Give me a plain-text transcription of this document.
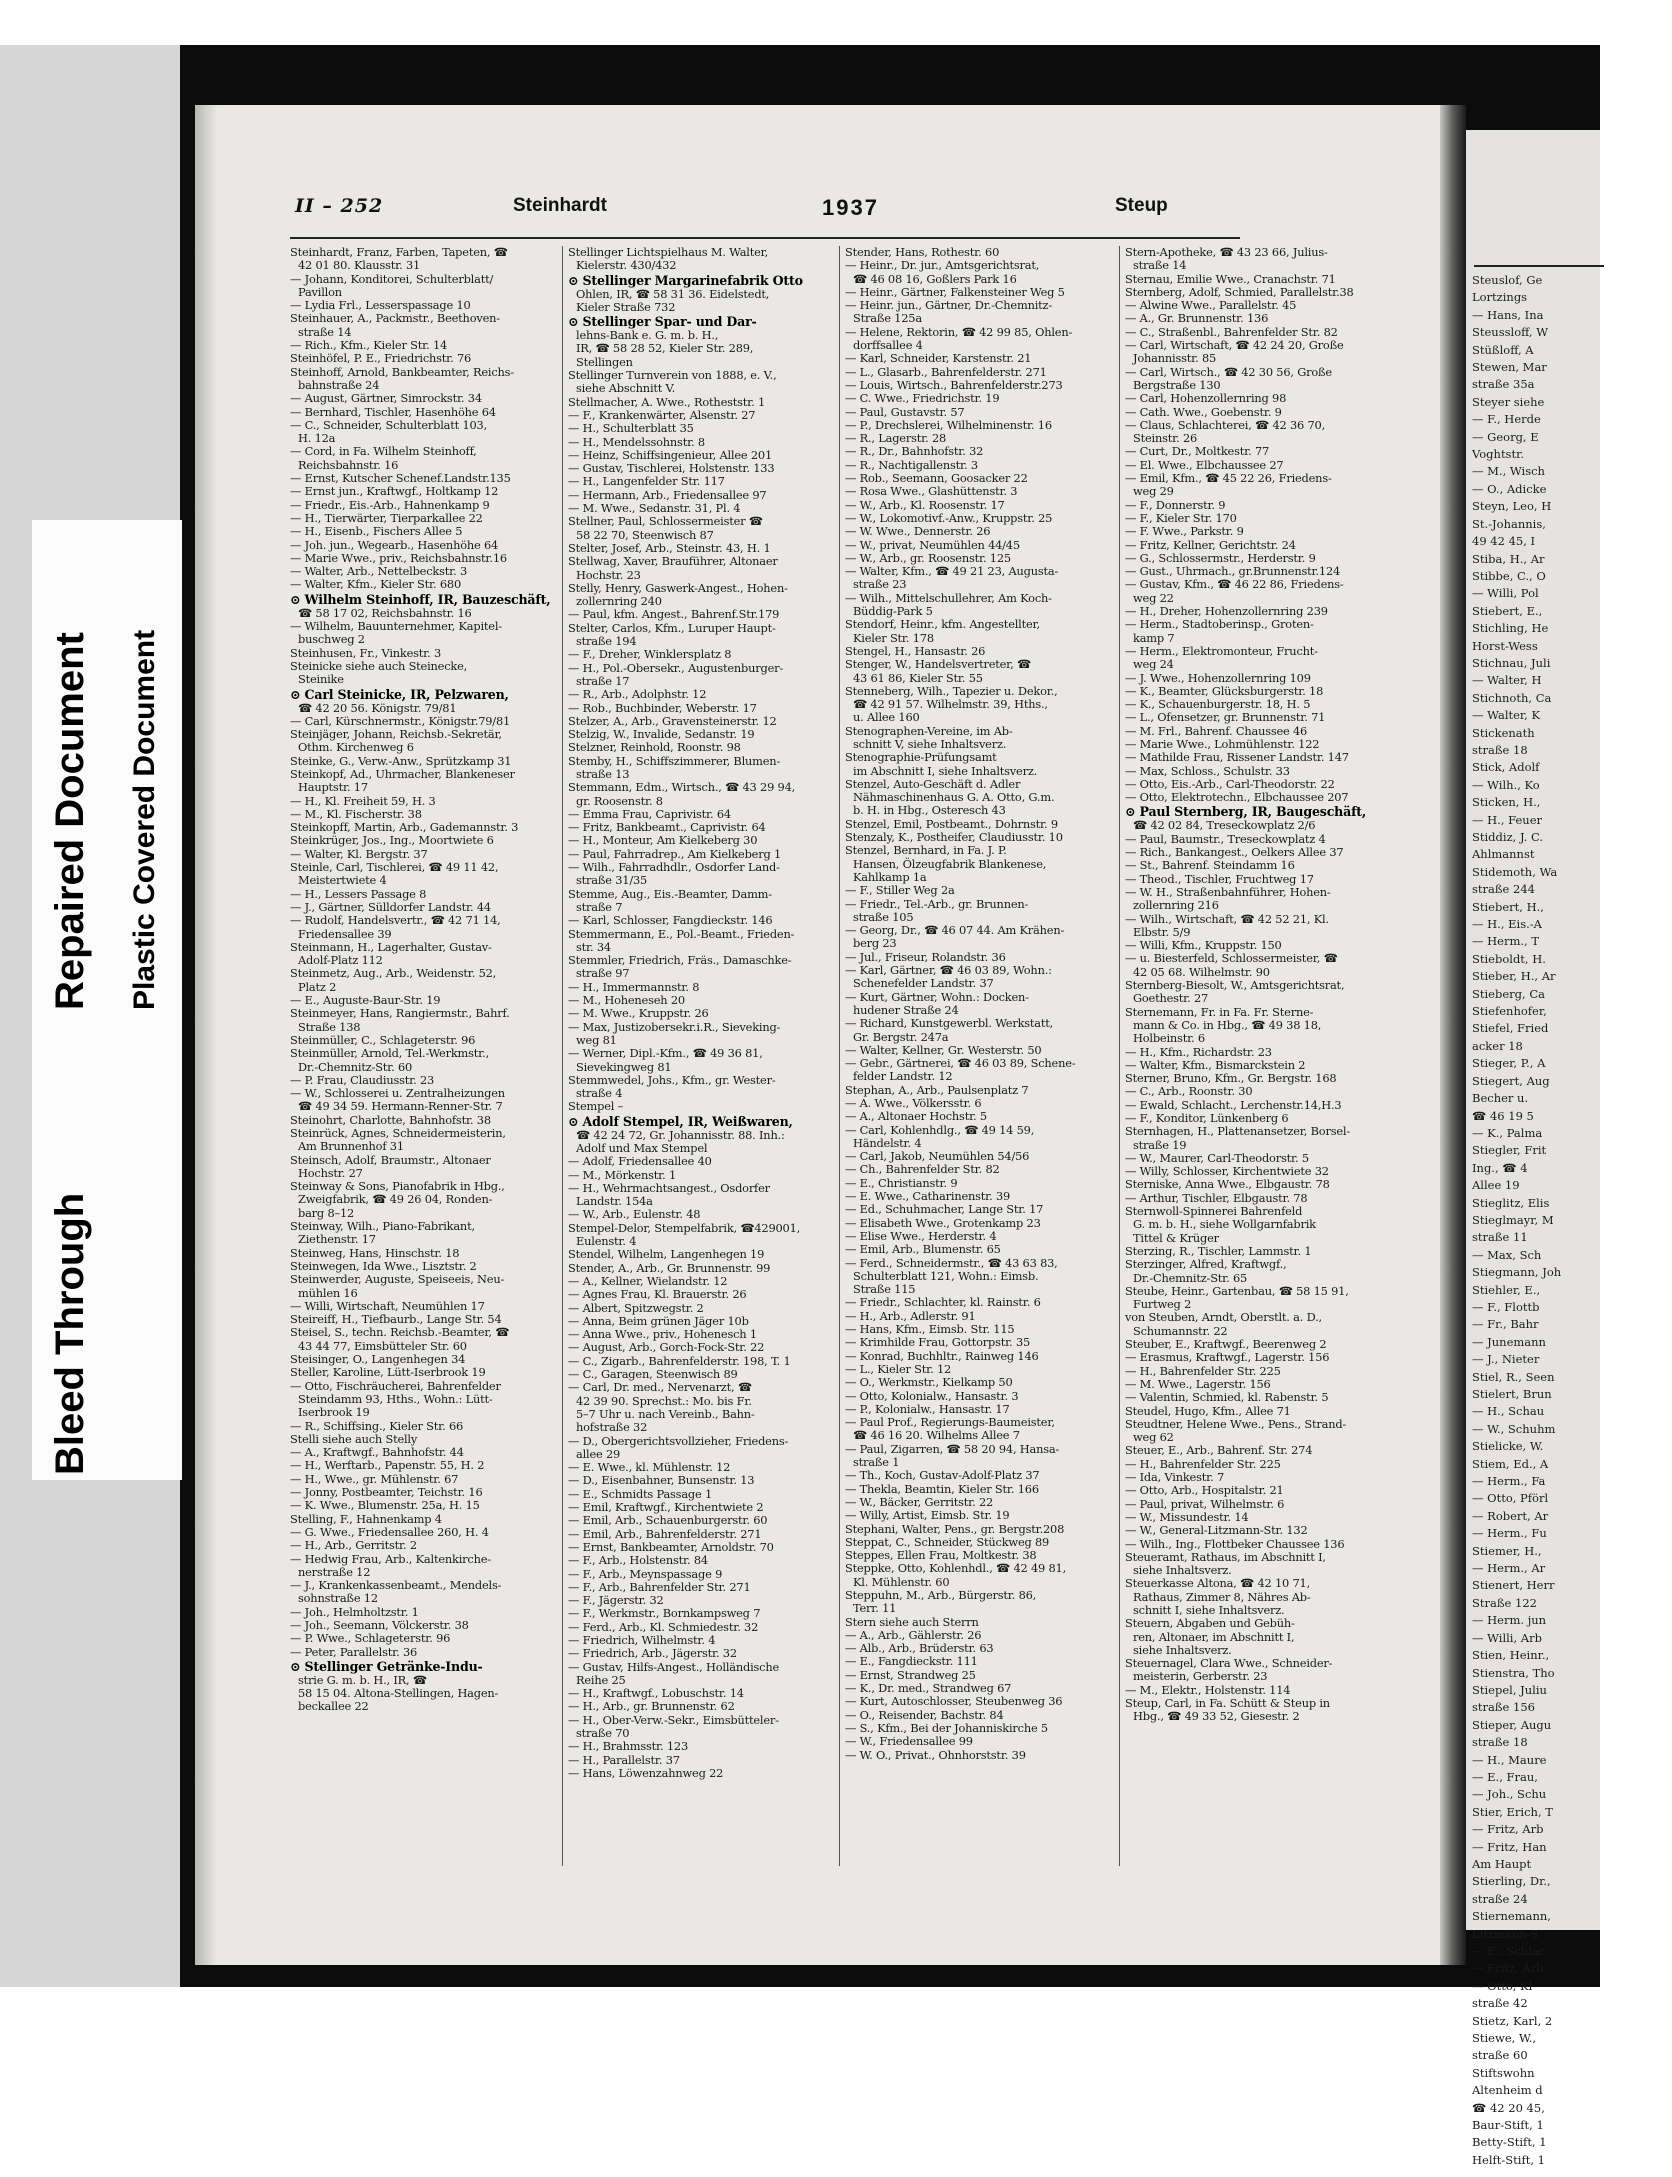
Bleed Through
Repaired Document Plastic Covered Document
Steuslof, Ge
Lortzings
— Hans, Ina
Steussloff, W
Stüßloff, A
Stewen, Mar
straße 35a
Steyer siehe
— F., Herde
— Georg, E
Voghtstr.
— M., Wisch
— O., Adicke
Steyn, Leo, H
St.-Johannis,
49 42 45, I
Stiba, H., Ar
Stibbe, C., O
— Willi, Pol
Stiebert, E.,
Stichling, He
Horst-Wess
Stichnau, Juli
— Walter, H
Stichnoth, Ca
— Walter, K
Stickenath
straße 18
Stick, Adolf
— Wilh., Ko
Sticken, H.,
— H., Feuer
Stiddiz, J. C.
Ahlmannst
Stidemoth, Wa
straße 244
Stiebert, H.,
— H., Eis.-A
— Herm., T
Stieboldt, H.
Stieber, H., Ar
Stieberg, Ca
Stiefenhofer,
Stiefel, Fried
acker 18
Stieger, P., A
Stiegert, Aug
Becher u.
☎ 46 19 5
— K., Palma
Stiegler, Frit
Ing., ☎ 4
Allee 19
Stieglitz, Elis
Stieglmayr, M
straße 11
— Max, Sch
Stiegmann, Joh
Stiehler, E.,
— F., Flottb
— Fr., Bahr
— Junemann
— J., Nieter
Stiel, R., Seen
Stielert, Brun
— H., Schau
— W., Schuhm
Stielicke, W.
Stiem, Ed., A
— Herm., Fa
— Otto, Pförl
— Robert, Ar
— Herm., Fu
Stiemer, H.,
— Herm., Ar
Stienert, Herr
Straße 122
— Herm. jun
— Willi, Arb
Stien, Heinr.,
Stienstra, Tho
Stiepel, Juliu
straße 156
Stieper, Augu
straße 18
— H., Maure
— E., Frau,
— Joh., Schu
Stier, Erich, T
— Fritz, Arb
— Fritz, Han
Am Haupt
Stierling, Dr.,
straße 24
Stiernemann,
Litzmann-S
— E., Schlac
— Fritz, Arb
— Otto, Kl
straße 42
Stietz, Karl, 2
Stiewe, W.,
straße 60
Stiftswohn
Altenheim d
☎ 42 20 45,
Baur-Stift, 1
Betty-Stift, 1
Helft-Stift, 1
II – 252	Steinhardt	1937	Steup
Steinhardt, Franz, Farben, Tapeten, ☎
42 01 80. Klausstr. 31
— Johann, Konditorei, Schulterblatt/
Pavillon
— Lydia Frl., Lesserspassage 10
Steinhauer, A., Packmstr., Beethoven-
straße 14
— Rich., Kfm., Kieler Str. 14
Steinhöfel, P. E., Friedrichstr. 76
Steinhoff, Arnold, Bankbeamter, Reichs-
bahnstraße 24
— August, Gärtner, Simrockstr. 34
— Bernhard, Tischler, Hasenhöhe 64
— C., Schneider, Schulterblatt 103,
H. 12a
— Cord, in Fa. Wilhelm Steinhoff,
Reichsbahnstr. 16
— Ernst, Kutscher Schenef.Landstr.135
— Ernst jun., Kraftwgf., Holtkamp 12
— Friedr., Eis.-Arb., Hahnenkamp 9
— H., Tierwärter, Tierparkallee 22
— H., Eisenb., Fischers Allee 5
— Joh. jun., Wegearb., Hasenhöhe 64
— Marie Wwe., priv., Reichsbahnstr.16
— Walter, Arb., Nettelbeckstr. 3
— Walter, Kfm., Kieler Str. 680
⊙ Wilhelm Steinhoff, IR, Bauzeschäft,
☎ 58 17 02, Reichsbahnstr. 16
— Wilhelm, Bauunternehmer, Kapitel-
buschweg 2
Steinhusen, Fr., Vinkestr. 3
Steinicke siehe auch Steinecke,
Steinike
⊙ Carl Steinicke, IR, Pelzwaren,
☎ 42 20 56. Königstr. 79/81
— Carl, Kürschnermstr., Königstr.79/81
Steinjäger, Johann, Reichsb.-Sekretär,
Othm. Kirchenweg 6
Steinke, G., Verw.-Anw., Sprützkamp 31
Steinkopf, Ad., Uhrmacher, Blankeneser
Hauptstr. 17
— H., Kl. Freiheit 59, H. 3
— M., Kl. Fischerstr. 38
Steinkopff, Martin, Arb., Gademannstr. 3
Steinkrüger, Jos., Ing., Moortwiete 6
— Walter, Kl. Bergstr. 37
Steinle, Carl, Tischlerei, ☎ 49 11 42,
Meistertwiete 4
— H., Lessers Passage 8
— J., Gärtner, Sülldorfer Landstr. 44
— Rudolf, Handelsvertr., ☎ 42 71 14,
Friedensallee 39
Steinmann, H., Lagerhalter, Gustav-
Adolf-Platz 112
Steinmetz, Aug., Arb., Weidenstr. 52,
Platz 2
— E., Auguste-Baur-Str. 19
Steinmeyer, Hans, Rangiermstr., Bahrf.
Straße 138
Steinmüller, C., Schlageterstr. 96
Steinmüller, Arnold, Tel.-Werkmstr.,
Dr.-Chemnitz-Str. 60
— P. Frau, Claudiusstr. 23
— W., Schlosserei u. Zentralheizungen
☎ 49 34 59. Hermann-Renner-Str. 7
Steinohrt, Charlotte, Bahnhofstr. 38
Steinrück, Agnes, Schneidermeisterin,
Am Brunnenhof 31
Steinsch, Adolf, Braumstr., Altonaer
Hochstr. 27
Steinway & Sons, Pianofabrik in Hbg.,
Zweigfabrik, ☎ 49 26 04, Ronden-
barg 8–12
Steinway, Wilh., Piano-Fabrikant,
Ziethenstr. 17
Steinweg, Hans, Hinschstr. 18
Steinwegen, Ida Wwe., Lisztstr. 2
Steinwerder, Auguste, Speiseeis, Neu-
mühlen 16
— Willi, Wirtschaft, Neumühlen 17
Steireiff, H., Tiefbaurb., Lange Str. 54
Steisel, S., techn. Reichsb.-Beamter, ☎
43 44 77, Eimsbütteler Str. 60
Steisinger, O., Langenhegen 34
Steller, Karoline, Lütt-Iserbrook 19
— Otto, Fischräucherei, Bahrenfelder
Steindamm 93, Hths., Wohn.: Lütt-
Iserbrook 19
— R., Schiffsing., Kieler Str. 66
Stelli siehe auch Stelly
— A., Kraftwgf., Bahnhofstr. 44
— H., Werftarb., Papenstr. 55, H. 2
— H., Wwe., gr. Mühlenstr. 67
— Jonny, Postbeamter, Teichstr. 16
— K. Wwe., Blumenstr. 25a, H. 15
Stelling, F., Hahnenkamp 4
— G. Wwe., Friedensallee 260, H. 4
— H., Arb., Gerritstr. 2
— Hedwig Frau, Arb., Kaltenkirche-
nerstraße 12
— J., Krankenkassenbeamt., Mendels-
sohnstraße 12
— Joh., Helmholtzstr. 1
— Joh., Seemann, Völckerstr. 38
— P. Wwe., Schlageterstr. 96
— Peter, Parallelstr. 36
⊙ Stellinger Getränke-Indu-
strie G. m. b. H., IR, ☎
58 15 04. Altona-Stellingen, Hagen-
beckallee 22
Stellinger Lichtspielhaus M. Walter,
Kielerstr. 430/432
⊙ Stellinger Margarinefabrik Otto
Ohlen, IR, ☎ 58 31 36. Eidelstedt,
Kieler Straße 732
⊙ Stellinger Spar- und Dar-
lehns-Bank e. G. m. b. H.,
IR, ☎ 58 28 52, Kieler Str. 289,
Stellingen
Stellinger Turnverein von 1888, e. V.,
siehe Abschnitt V.
Stellmacher, A. Wwe., Rotheststr. 1
— F., Krankenwärter, Alsenstr. 27
— H., Schulterblatt 35
— H., Mendelssohnstr. 8
— Heinz, Schiffsingenieur, Allee 201
— Gustav, Tischlerei, Holstenstr. 133
— H., Langenfelder Str. 117
— Hermann, Arb., Friedensallee 97
— M. Wwe., Sedanstr. 31, Pl. 4
Stellner, Paul, Schlossermeister ☎
58 22 70, Steenwisch 87
Stelter, Josef, Arb., Steinstr. 43, H. 1
Stellwag, Xaver, Brauführer, Altonaer
Hochstr. 23
Stelly, Henry, Gaswerk-Angest., Hohen-
zollernring 240
— Paul, kfm. Angest., Bahrenf.Str.179
Stelter, Carlos, Kfm., Luruper Haupt-
straße 194
— F., Dreher, Winklersplatz 8
— H., Pol.-Obersekr., Augustenburger-
straße 17
— R., Arb., Adolphstr. 12
— Rob., Buchbinder, Weberstr. 17
Stelzer, A., Arb., Gravensteinerstr. 12
Stelzig, W., Invalide, Sedanstr. 19
Stelzner, Reinhold, Roonstr. 98
Stemby, H., Schiffszimmerer, Blumen-
straße 13
Stemmann, Edm., Wirtsch., ☎ 43 29 94,
gr. Roosenstr. 8
— Emma Frau, Caprivistr. 64
— Fritz, Bankbeamt., Caprivistr. 64
— H., Monteur, Am Kielkeberg 30
— Paul, Fahrradrep., Am Kielkeberg 1
— Wilh., Fahrradhdlr., Osdorfer Land-
straße 31/35
Stemme, Aug., Eis.-Beamter, Damm-
straße 7
— Karl, Schlosser, Fangdieckstr. 146
Stemmermann, E., Pol.-Beamt., Frieden-
str. 34
Stemmler, Friedrich, Fräs., Damaschke-
straße 97
— H., Immermannstr. 8
— M., Hoheneseh 20
— M. Wwe., Kruppstr. 26
— Max, Justizobersekr.i.R., Sieveking-
weg 81
— Werner, Dipl.-Kfm., ☎ 49 36 81,
Sievekingweg 81
Stemmwedel, Johs., Kfm., gr. Wester-
straße 4
Stempel –
⊙ Adolf Stempel, IR, Weißwaren,
☎ 42 24 72, Gr. Johannisstr. 88. Inh.:
Adolf und Max Stempel
— Adolf, Friedensallee 40
— M., Mörkenstr. 1
— H., Wehrmachtsangest., Osdorfer
Landstr. 154a
— W., Arb., Eulenstr. 48
Stempel-Delor, Stempelfabrik, ☎429001,
Eulenstr. 4
Stendel, Wilhelm, Langenhegen 19
Stender, A., Arb., Gr. Brunnenstr. 99
— A., Kellner, Wielandstr. 12
— Agnes Frau, Kl. Brauerstr. 26
— Albert, Spitzwegstr. 2
— Anna, Beim grünen Jäger 10b
— Anna Wwe., priv., Hohenesch 1
— August, Arb., Gorch-Fock-Str. 22
— C., Zigarb., Bahrenfelderstr. 198, T. 1
— C., Garagen, Steenwisch 89
— Carl, Dr. med., Nervenarzt, ☎
42 39 90. Sprechst.: Mo. bis Fr.
5–7 Uhr u. nach Vereinb., Bahn-
hofstraße 32
— D., Obergerichtsvollzieher, Friedens-
allee 29
— E. Wwe., kl. Mühlenstr. 12
— D., Eisenbahner, Bunsenstr. 13
— E., Schmidts Passage 1
— Emil, Kraftwgf., Kirchentwiete 2
— Emil, Arb., Schauenburgerstr. 60
— Emil, Arb., Bahrenfelderstr. 271
— Ernst, Bankbeamter, Arnoldstr. 70
— F., Arb., Holstenstr. 84
— F., Arb., Meynspassage 9
— F., Arb., Bahrenfelder Str. 271
— F., Jägerstr. 32
— F., Werkmstr., Bornkampsweg 7
— Ferd., Arb., Kl. Schmiedestr. 32
— Friedrich, Wilhelmstr. 4
— Friedrich, Arb., Jägerstr. 32
— Gustav, Hilfs-Angest., Holländische
Reihe 25
— H., Kraftwgf., Lobuschstr. 14
— H., Arb., gr. Brunnenstr. 62
— H., Ober-Verw.-Sekr., Eimsbütteler-
straße 70
— H., Brahmsstr. 123
— H., Parallelstr. 37
— Hans, Löwenzahnweg 22
Stender, Hans, Rothestr. 60
— Heinr., Dr. jur., Amtsgerichtsrat,
☎ 46 08 16, Goßlers Park 16
— Heinr., Gärtner, Falkensteiner Weg 5
— Heinr. jun., Gärtner, Dr.-Chemnitz-
Straße 125a
— Helene, Rektorin, ☎ 42 99 85, Ohlen-
dorffsallee 4
— Karl, Schneider, Karstenstr. 21
— L., Glasarb., Bahrenfelderstr. 271
— Louis, Wirtsch., Bahrenfelderstr.273
— C. Wwe., Friedrichstr. 19
— Paul, Gustavstr. 57
— P., Drechslerei, Wilhelminenstr. 16
— R., Lagerstr. 28
— R., Dr., Bahnhofstr. 32
— R., Nachtigallenstr. 3
— Rob., Seemann, Goosacker 22
— Rosa Wwe., Glashüttenstr. 3
— W., Arb., Kl. Roosenstr. 17
— W., Lokomotivf.-Anw., Kruppstr. 25
— W. Wwe., Dennerstr. 26
— W., privat, Neumühlen 44/45
— W., Arb., gr. Roosenstr. 125
— Walter, Kfm., ☎ 49 21 23, Augusta-
straße 23
— Wilh., Mittelschullehrer, Am Koch-
Büddig-Park 5
Stendorf, Heinr., kfm. Angestellter,
Kieler Str. 178
Stengel, H., Hansastr. 26
Stenger, W., Handelsvertreter, ☎
43 61 86, Kieler Str. 55
Stenneberg, Wilh., Tapezier u. Dekor.,
☎ 42 91 57. Wilhelmstr. 39, Hths.,
u. Allee 160
Stenographen-Vereine, im Ab-
schnitt V, siehe Inhaltsverz.
Stenographie-Prüfungsamt
im Abschnitt I, siehe Inhaltsverz.
Stenzel, Auto-Geschäft d. Adler
Nähmaschinenhaus G. A. Otto, G.m.
b. H. in Hbg., Osteresch 43
Stenzel, Emil, Postbeamt., Dohrnstr. 9
Stenzaly, K., Postheifer, Claudiusstr. 10
Stenzel, Bernhard, in Fa. J. P.
Hansen, Ölzeugfabrik Blankenese,
Kahlkamp 1a
— F., Stiller Weg 2a
— Friedr., Tel.-Arb., gr. Brunnen-
straße 105
— Georg, Dr., ☎ 46 07 44. Am Krähen-
berg 23
— Jul., Friseur, Rolandstr. 36
— Karl, Gärtner, ☎ 46 03 89, Wohn.:
Schenefelder Landstr. 37
— Kurt, Gärtner, Wohn.: Docken-
hudener Straße 24
— Richard, Kunstgewerbl. Werkstatt,
Gr. Bergstr. 247a
— Walter, Kellner, Gr. Westerstr. 50
— Gebr., Gärtnerei, ☎ 46 03 89, Schene-
felder Landstr. 12
Stephan, A., Arb., Paulsenplatz 7
— A. Wwe., Völkersstr. 6
— A., Altonaer Hochstr. 5
— Carl, Kohlenhdlg., ☎ 49 14 59,
Händelstr. 4
— Carl, Jakob, Neumühlen 54/56
— Ch., Bahrenfelder Str. 82
— E., Christianstr. 9
— E. Wwe., Catharinenstr. 39
— Ed., Schuhmacher, Lange Str. 17
— Elisabeth Wwe., Grotenkamp 23
— Elise Wwe., Herderstr. 4
— Emil, Arb., Blumenstr. 65
— Ferd., Schneidermstr., ☎ 43 63 83,
Schulterblatt 121, Wohn.: Eimsb.
Straße 115
— Friedr., Schlachter, kl. Rainstr. 6
— H., Arb., Adlerstr. 91
— Hans, Kfm., Eimsb. Str. 115
— Krimhilde Frau, Gottorpstr. 35
— Konrad, Buchhltr., Rainweg 146
— L., Kieler Str. 12
— O., Werkmstr., Kielkamp 50
— Otto, Kolonialw., Hansastr. 3
— P., Kolonialw., Hansastr. 17
— Paul Prof., Regierungs-Baumeister,
☎ 46 16 20. Wilhelms Allee 7
— Paul, Zigarren, ☎ 58 20 94, Hansa-
straße 1
— Th., Koch, Gustav-Adolf-Platz 37
— Thekla, Beamtin, Kieler Str. 166
— W., Bäcker, Gerritstr. 22
— Willy, Artist, Eimsb. Str. 19
Stephani, Walter, Pens., gr. Bergstr.208
Steppat, C., Schneider, Stückweg 89
Steppes, Ellen Frau, Moltkestr. 38
Steppke, Otto, Kohlenhdl., ☎ 42 49 81,
Kl. Mühlenstr. 60
Steppuhn, M., Arb., Bürgerstr. 86,
Terr. 11
Stern siehe auch Sterrn
— A., Arb., Gählerstr. 26
— Alb., Arb., Brüderstr. 63
— E., Fangdieckstr. 111
— Ernst, Strandweg 25
— K., Dr. med., Strandweg 67
— Kurt, Autoschlosser, Steubenweg 36
— O., Reisender, Bachstr. 84
— S., Kfm., Bei der Johanniskirche 5
— W., Friedensallee 99
— W. O., Privat., Ohnhorststr. 39
Stern-Apotheke, ☎ 43 23 66, Julius-
straße 14
Sternau, Emilie Wwe., Cranachstr. 71
Sternberg, Adolf, Schmied, Parallelstr.38
— Alwine Wwe., Parallelstr. 45
— A., Gr. Brunnenstr. 136
— C., Straßenbl., Bahrenfelder Str. 82
— Carl, Wirtschaft, ☎ 42 24 20, Große
Johannisstr. 85
— Carl, Wirtsch., ☎ 42 30 56, Große
Bergstraße 130
— Carl, Hohenzollernring 98
— Cath. Wwe., Goebenstr. 9
— Claus, Schlachterei, ☎ 42 36 70,
Steinstr. 26
— Curt, Dr., Moltkestr. 77
— El. Wwe., Elbchaussee 27
— Emil, Kfm., ☎ 45 22 26, Friedens-
weg 29
— F., Donnerstr. 9
— F., Kieler Str. 170
— F. Wwe., Parkstr. 9
— Fritz, Kellner, Gerichtstr. 24
— G., Schlossermstr., Herderstr. 9
— Gust., Uhrmach., gr.Brunnenstr.124
— Gustav, Kfm., ☎ 46 22 86, Friedens-
weg 22
— H., Dreher, Hohenzollernring 239
— Herm., Stadtoberinsp., Groten-
kamp 7
— Herm., Elektromonteur, Frucht-
weg 24
— J. Wwe., Hohenzollernring 109
— K., Beamter, Glücksburgerstr. 18
— K., Schauenburgerstr. 18, H. 5
— L., Ofensetzer, gr. Brunnenstr. 71
— M. Frl., Bahrenf. Chaussee 46
— Marie Wwe., Lohmühlenstr. 122
— Mathilde Frau, Rissener Landstr. 147
— Max, Schloss., Schulstr. 33
— Otto, Eis.-Arb., Carl-Theodorstr. 22
— Otto, Elektrotechn., Elbchaussee 207
⊙ Paul Sternberg, IR, Baugeschäft,
☎ 42 02 84, Treseckowplatz 2/6
— Paul, Baumstr., Treseckowplatz 4
— Rich., Bankangest., Oelkers Allee 37
— St., Bahrenf. Steindamm 16
— Theod., Tischler, Fruchtweg 17
— W. H., Straßenbahnführer, Hohen-
zollernring 216
— Wilh., Wirtschaft, ☎ 42 52 21, Kl.
Elbstr. 5/9
— Willi, Kfm., Kruppstr. 150
— u. Biesterfeld, Schlossermeister, ☎
42 05 68. Wilhelmstr. 90
Sternberg-Biesolt, W., Amtsgerichtsrat,
Goethestr. 27
Sternemann, Fr. in Fa. Fr. Sterne-
mann & Co. in Hbg., ☎ 49 38 18,
Holbeinstr. 6
— H., Kfm., Richardstr. 23
— Walter, Kfm., Bismarckstein 2
Sterner, Bruno, Kfm., Gr. Bergstr. 168
— C., Arb., Roonstr. 30
— Ewald, Schlacht., Lerchenstr.14,H.3
— F., Konditor, Lünkenberg 6
Sternhagen, H., Plattenansetzer, Borsel-
straße 19
— W., Maurer, Carl-Theodorstr. 5
— Willy, Schlosser, Kirchentwiete 32
Sterniske, Anna Wwe., Elbgaustr. 78
— Arthur, Tischler, Elbgaustr. 78
Sternwoll-Spinnerei Bahrenfeld
G. m. b. H., siehe Wollgarnfabrik
Tittel & Krüger
Sterzing, R., Tischler, Lammstr. 1
Sterzinger, Alfred, Kraftwgf.,
Dr.-Chemnitz-Str. 65
Steube, Heinr., Gartenbau, ☎ 58 15 91,
Furtweg 2
von Steuben, Arndt, Oberstlt. a. D.,
Schumannstr. 22
Steuber, E., Kraftwgf., Beerenweg 2
— Erasmus, Kraftwgf., Lagerstr. 156
— H., Bahrenfelder Str. 225
— M. Wwe., Lagerstr. 156
— Valentin, Schmied, kl. Rabenstr. 5
Steudel, Hugo, Kfm., Allee 71
Steudtner, Helene Wwe., Pens., Strand-
weg 62
Steuer, E., Arb., Bahrenf. Str. 274
— H., Bahrenfelder Str. 225
— Ida, Vinkestr. 7
— Otto, Arb., Hospitalstr. 21
— Paul, privat, Wilhelmstr. 6
— W., Missundestr. 14
— W., General-Litzmann-Str. 132
— Wilh., Ing., Flottbeker Chaussee 136
Steueramt, Rathaus, im Abschnitt I,
siehe Inhaltsverz.
Steuerkasse Altona, ☎ 42 10 71,
Rathaus, Zimmer 8, Nähres Ab-
schnitt I, siehe Inhaltsverz.
Steuern, Abgaben und Gebüh-
ren, Altonaer, im Abschnitt I,
siehe Inhaltsverz.
Steuernagel, Clara Wwe., Schneider-
meisterin, Gerberstr. 23
— M., Elektr., Holstenstr. 114
Steup, Carl, in Fa. Schütt & Steup in
Hbg., ☎ 49 33 52, Giesestr. 2
